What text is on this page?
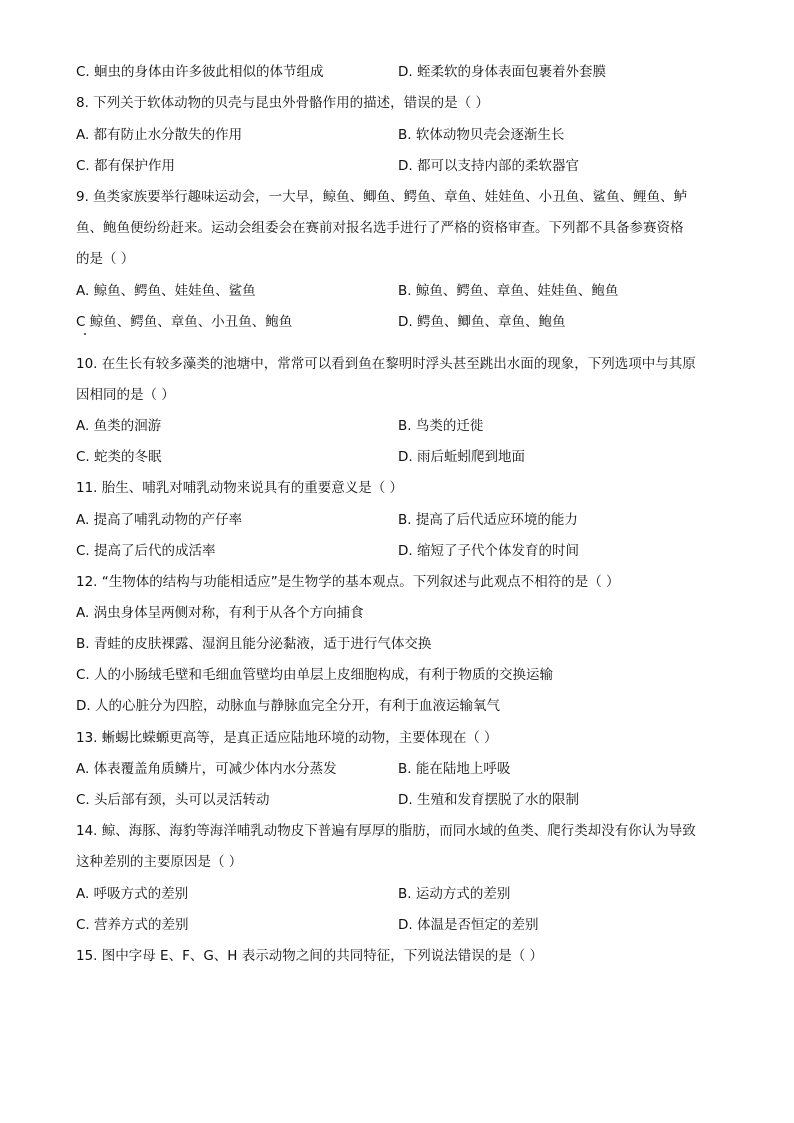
C. 蛔虫的身体由许多彼此相似的体节组成	D. 蛭柔软的身体表面包裹着外套膜
8. 下列关于软体动物的贝壳与昆虫外骨骼作用的描述，错误的是（ ）
A. 都有防止水分散失的作用	B. 软体动物贝壳会逐渐生长
C. 都有保护作用	D. 都可以支持内部的柔软器官
9. 鱼类家族要举行趣味运动会，一大早，鲸鱼、鲫鱼、鳄鱼、章鱼、娃娃鱼、小丑鱼、鲨鱼、鲤鱼、鲈
鱼、鲍鱼便纷纷赶来。运动会组委会在赛前对报名选手进行了严格的资格审查。下列都不具备参赛资格
的是（ ）
A. 鲸鱼、鳄鱼、娃娃鱼、鲨鱼	B. 鲸鱼、鳄鱼、章鱼、娃娃鱼、鲍鱼
C 鲸鱼、鳄鱼、章鱼、小丑鱼、鲍鱼	D. 鳄鱼、鲫鱼、章鱼、鲍鱼
10. 在生长有较多藻类的池塘中，常常可以看到鱼在黎明时浮头甚至跳出水面的现象，下列选项中与其原
因相同的是（ ）
A. 鱼类的洄游	B. 鸟类的迁徙
C. 蛇类的冬眠	D. 雨后蚯蚓爬到地面
11. 胎生、哺乳对哺乳动物来说具有的重要意义是（ ）
A. 提高了哺乳动物的产仔率	B. 提高了后代适应环境的能力
C. 提高了后代的成活率	D. 缩短了子代个体发育的时间
12. “生物体的结构与功能相适应”是生物学的基本观点。下列叙述与此观点不相符的是（ ）
A. 涡虫身体呈两侧对称，有利于从各个方向捕食
B. 青蛙的皮肤裸露、湿润且能分泌黏液，适于进行气体交换
C. 人的小肠绒毛壁和毛细血管壁均由单层上皮细胞构成，有利于物质的交换运输
D. 人的心脏分为四腔，动脉血与静脉血完全分开，有利于血液运输氧气
13. 蜥蜴比蝾螈更高等，是真正适应陆地环境的动物，主要体现在（ ）
A. 体表覆盖角质鳞片，可减少体内水分蒸发	B. 能在陆地上呼吸
C. 头后部有颈，头可以灵活转动	D. 生殖和发育摆脱了水的限制
14. 鲸、海豚、海豹等海洋哺乳动物皮下普遍有厚厚的脂肪，而同水域的鱼类、爬行类却没有你认为导致
这种差别的主要原因是（ ）
A. 呼吸方式的差别	B. 运动方式的差别
C. 营养方式的差别	D. 体温是否恒定的差别
15. 图中字母 E、F、G、H 表示动物之间的共同特征，下列说法错误的是（ ）
